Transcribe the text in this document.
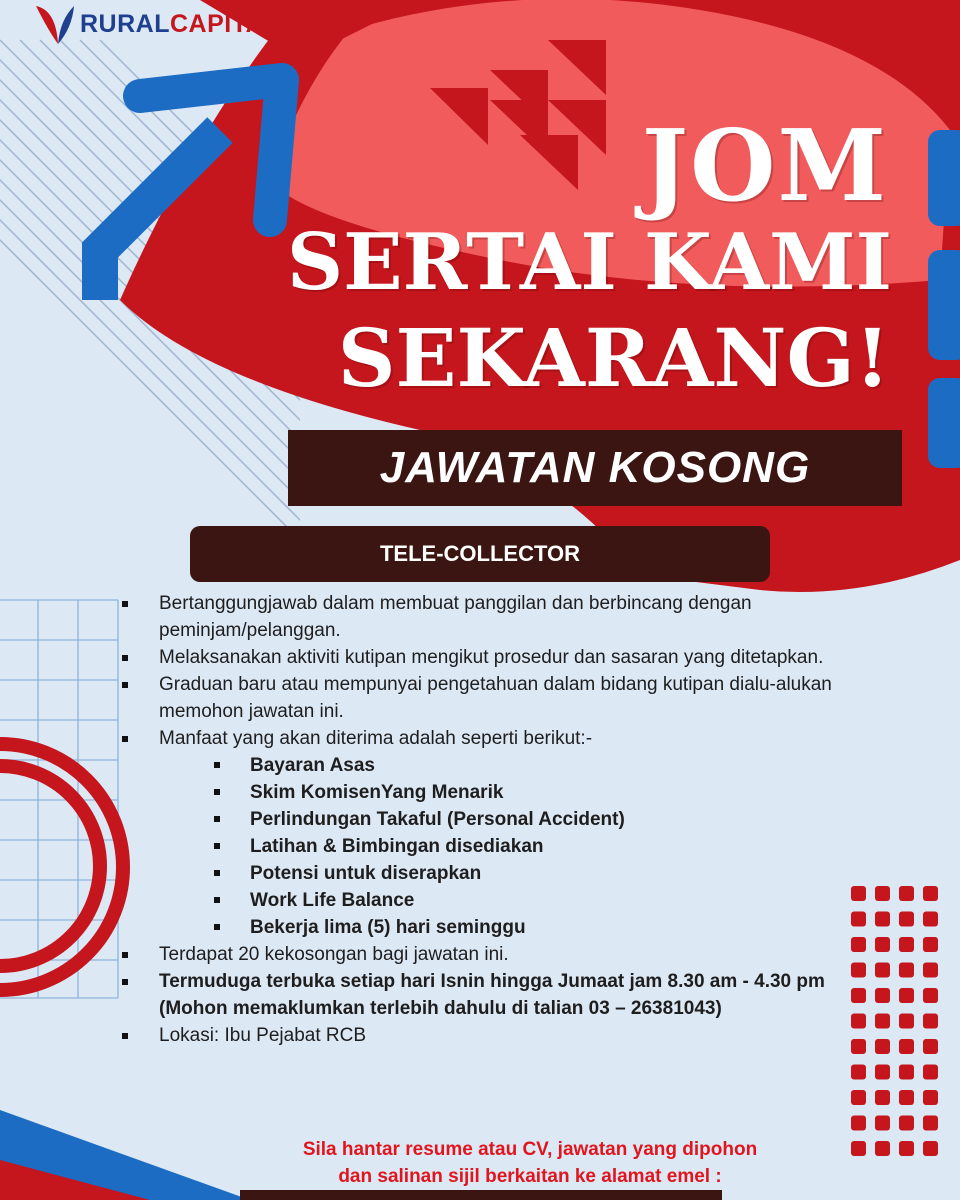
RURALCAPITAL
JOM
SERTAI KAMI
SEKARANG!
JAWATAN KOSONG
TELE-COLLECTOR
Bertanggungjawab dalam membuat panggilan dan berbincang dengan peminjam/pelanggan.
Melaksanakan aktiviti kutipan mengikut prosedur dan sasaran yang ditetapkan.
Graduan baru atau mempunyai pengetahuan dalam bidang kutipan dialu-alukan memohon jawatan ini.
Manfaat yang akan diterima adalah seperti berikut:-
Bayaran Asas
Skim KomisenYang Menarik
Perlindungan Takaful (Personal Accident)
Latihan & Bimbingan disediakan
Potensi untuk diserapkan
Work Life Balance
Bekerja lima (5) hari seminggu
Terdapat 20 kekosongan bagi jawatan ini.
Termuduga terbuka setiap hari Isnin hingga Jumaat jam 8.30 am - 4.30 pm (Mohon memaklumkan terlebih dahulu di talian 03 – 26381043)
Lokasi: Ibu Pejabat RCB
Sila hantar resume atau CV, jawatan yang dipohon
dan salinan sijil berkaitan ke alamat emel :
